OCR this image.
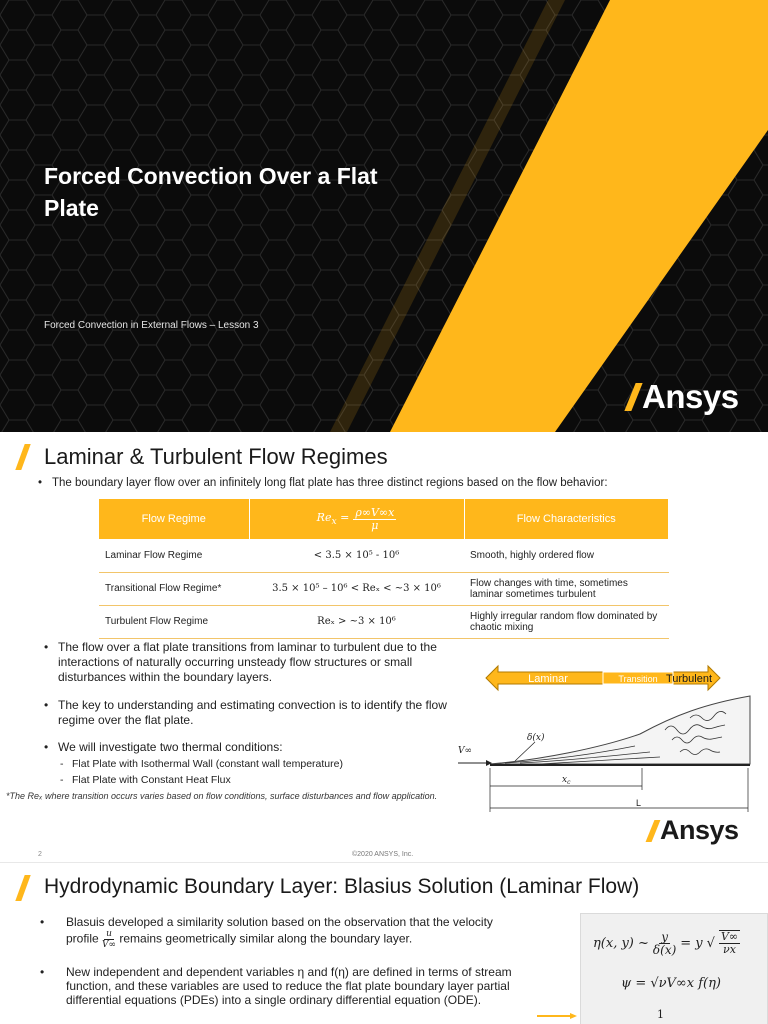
Forced Convection Over a Flat Plate
Forced Convection in External Flows – Lesson 3
Ansys
Laminar & Turbulent Flow Regimes
• The boundary layer flow over an infinitely long flat plate has three distinct regions based on the flow behavior:
Flow Regime	$Re_x = \frac{\rho\infty V\infty x}{\mu}$	Flow Characteristics
Laminar Flow Regime	< 3.5 × 10⁵ - 10⁶	Smooth, highly ordered flow
Transitional Flow Regime*	3.5 × 10⁵ – 10⁶ < Reₓ < ~3 × 10⁶	Flow changes with time, sometimes laminar sometimes turbulent
Turbulent Flow Regime	Reₓ > ~3 × 10⁶	Highly irregular random flow dominated by chaotic mixing
• The flow over a flat plate transitions from laminar to turbulent due to the interactions of naturally occurring unsteady flow structures or small disturbances within the boundary layers.
• The key to understanding and estimating convection is to identify the flow regime over the flat plate.
• We will investigate two thermal conditions:
- Flat Plate with Isothermal Wall (constant wall temperature)
- Flat Plate with Constant Heat Flux
*The Reₓ where transition occurs varies based on flow conditions, surface disturbances and flow application.
Laminar	Transition Turbulent
V∞
δ(x)
$x_c$
L
Ansys
2	©2020 ANSYS, Inc.
Hydrodynamic Boundary Layer: Blasius Solution (Laminar Flow)
• Blasuis developed a similarity solution based on the observation that the velocity
profile $\frac{u}{V\infty}$ remains geometrically similar along the boundary layer.
• New independent and dependent variables η and f(η) are defined in terms of stream function, and these variables are used to reduce the flat plate boundary layer partial differential equations (PDEs) into a single ordinary differential equation (ODE).
η(x, y) ~ $\frac{y}{\delta(x)} = y$ √ $\frac{V\infty}{\nu x}$
ψ = √νV∞x f(η)
1
